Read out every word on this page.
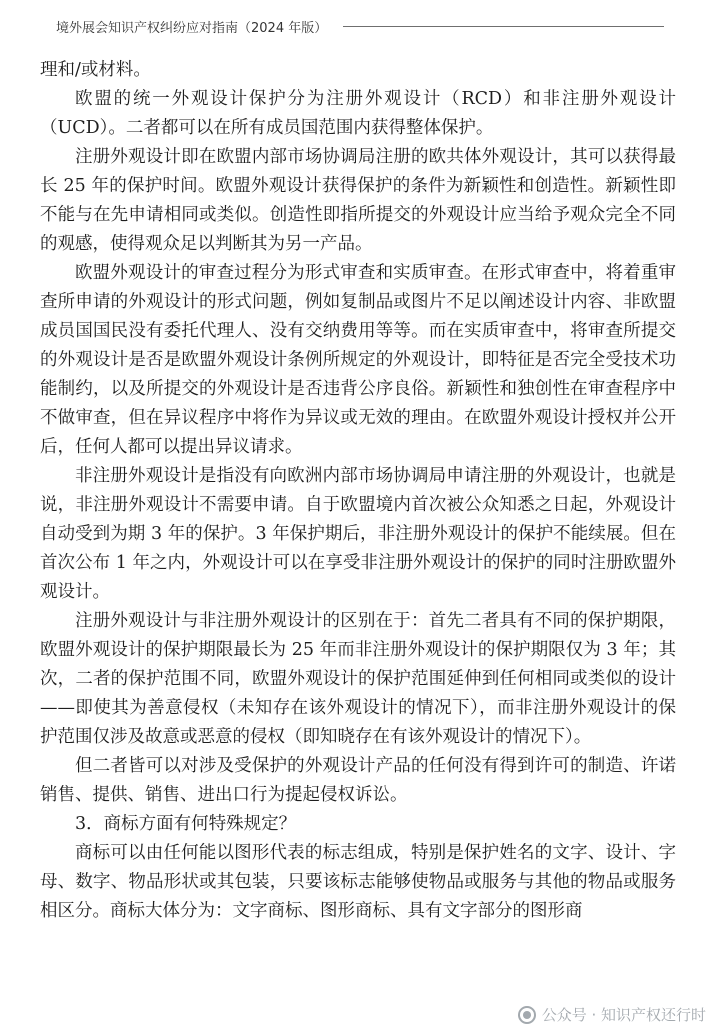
境外展会知识产权纠纷应对指南（2024 年版）

理和/或材料。

欧盟的统一外观设计保护分为注册外观设计（RCD）和非注册外观设计（UCD）。二者都可以在所有成员国范围内获得整体保护。

注册外观设计即在欧盟内部市场协调局注册的欧共体外观设计，其可以获得最长 25 年的保护时间。欧盟外观设计获得保护的条件为新颖性和创造性。新颖性即不能与在先申请相同或类似。创造性即指所提交的外观设计应当给予观众完全不同的观感，使得观众足以判断其为另一产品。

欧盟外观设计的审查过程分为形式审查和实质审查。在形式审查中，将着重审查所申请的外观设计的形式问题，例如复制品或图片不足以阐述设计内容、非欧盟成员国国民没有委托代理人、没有交纳费用等等。而在实质审查中，将审查所提交的外观设计是否是欧盟外观设计条例所规定的外观设计，即特征是否完全受技术功能制约，以及所提交的外观设计是否违背公序良俗。新颖性和独创性在审查程序中不做审查，但在异议程序中将作为异议或无效的理由。在欧盟外观设计授权并公开后，任何人都可以提出异议请求。

非注册外观设计是指没有向欧洲内部市场协调局申请注册的外观设计，也就是说，非注册外观设计不需要申请。自于欧盟境内首次被公众知悉之日起，外观设计自动受到为期 3 年的保护。3 年保护期后，非注册外观设计的保护不能续展。但在首次公布 1 年之内，外观设计可以在享受非注册外观设计的保护的同时注册欧盟外观设计。

注册外观设计与非注册外观设计的区别在于：首先二者具有不同的保护期限，欧盟外观设计的保护期限最长为 25 年而非注册外观设计的保护期限仅为 3 年；其次，二者的保护范围不同，欧盟外观设计的保护范围延伸到任何相同或类似的设计——即使其为善意侵权（未知存在该外观设计的情况下），而非注册外观设计的保护范围仅涉及故意或恶意的侵权（即知晓存在有该外观设计的情况下）。

但二者皆可以对涉及受保护的外观设计产品的任何没有得到许可的制造、许诺销售、提供、销售、进出口行为提起侵权诉讼。

3．商标方面有何特殊规定？

商标可以由任何能以图形代表的标志组成，特别是保护姓名的文字、设计、字母、数字、物品形状或其包装，只要该标志能够使物品或服务与其他的物品或服务相区分。商标大体分为：文字商标、图形商标、具有文字部分的图形商

公众号 · 知识产权还行时
